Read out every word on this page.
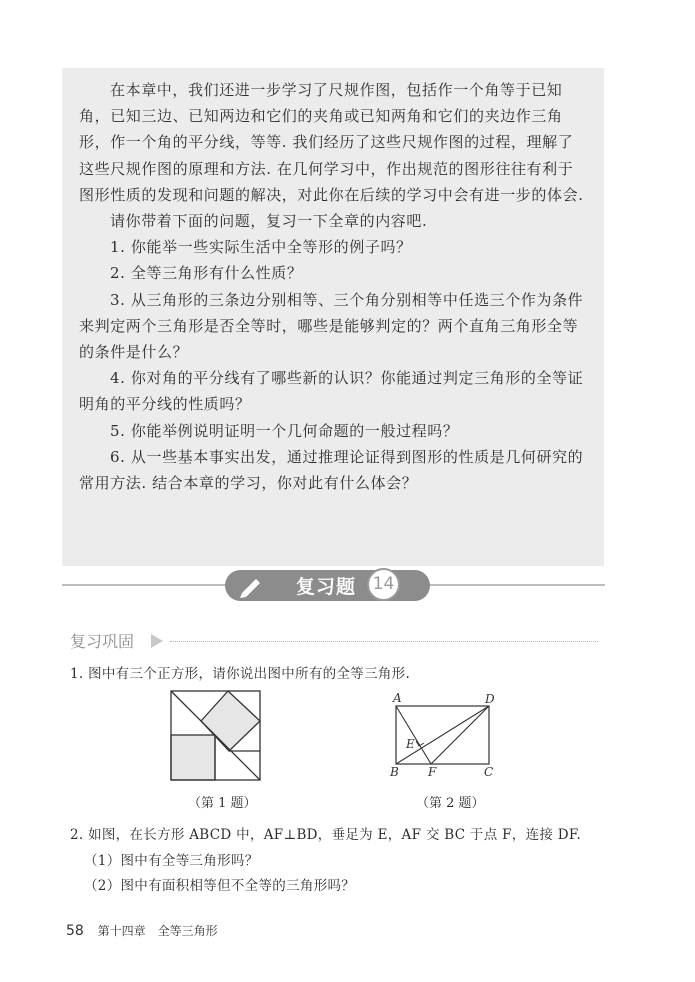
在本章中，我们还进一步学习了尺规作图，包括作一个角等于已知角，已知三边、已知两边和它们的夹角或已知两角和它们的夹边作三角形，作一个角的平分线，等等. 我们经历了这些尺规作图的过程，理解了这些尺规作图的原理和方法. 在几何学习中，作出规范的图形往往有利于图形性质的发现和问题的解决，对此你在后续的学习中会有进一步的体会.

请你带着下面的问题，复习一下全章的内容吧.

1. 你能举一些实际生活中全等形的例子吗？

2. 全等三角形有什么性质？

3. 从三角形的三条边分别相等、三个角分别相等中任选三个作为条件来判定两个三角形是否全等时，哪些是能够判定的？两个直角三角形全等的条件是什么？

4. 你对角的平分线有了哪些新的认识？你能通过判定三角形的全等证明角的平分线的性质吗？

5. 你能举例说明证明一个几何命题的一般过程吗？

6. 从一些基本事实出发，通过推理论证得到图形的性质是几何研究的常用方法. 结合本章的学习，你对此有什么体会？

复习题 14
复习巩固
1. 图中有三个正方形，请你说出图中所有的全等三角形.
（第 1 题）
A	D
E
B F	C
（第 2 题）
2. 如图，在长方形 ABCD 中，AF⊥BD，垂足为 E，AF 交 BC 于点 F，连接 DF.
（1）图中有全等三角形吗？
（2）图中有面积相等但不全等的三角形吗？
58 第十四章　全等三角形
